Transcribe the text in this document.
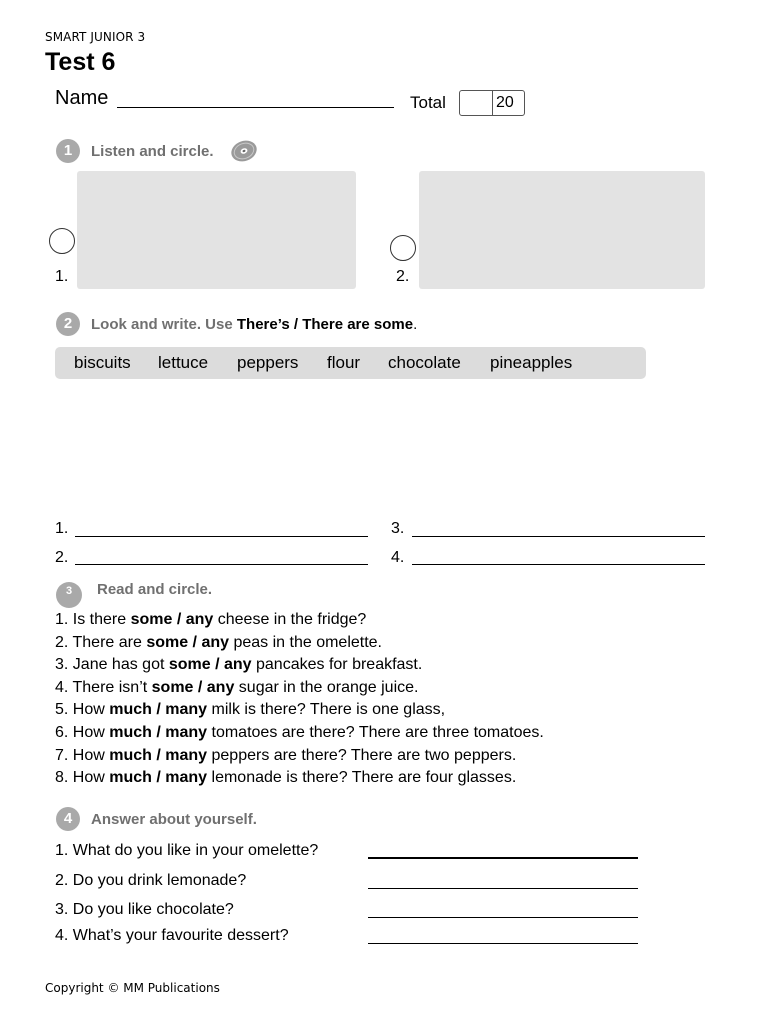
SMART JUNIOR 3
Test 6
Name	Total	20
1	Listen and circle.
1.	2.
2	Look and write. Use There’s / There are some.
biscuits lettuce peppers flour chocolate pineapples
1.
2.
3.
4.
3	Read and circle.
1. Is there some / any cheese in the fridge?
2. There are some / any peas in the omelette.
3. Jane has got some / any pancakes for breakfast.
4. There isn’t some / any sugar in the orange juice.
5. How much / many milk is there? There is one glass,
6. How much / many tomatoes are there? There are three tomatoes.
7. How much / many peppers are there? There are two peppers.
8. How much / many lemonade is there? There are four glasses.
4	Answer about yourself.
1. What do you like in your omelette?
2. Do you drink lemonade?
3. Do you like chocolate?
4. What’s your favourite dessert?
Copyright © MM Publications
